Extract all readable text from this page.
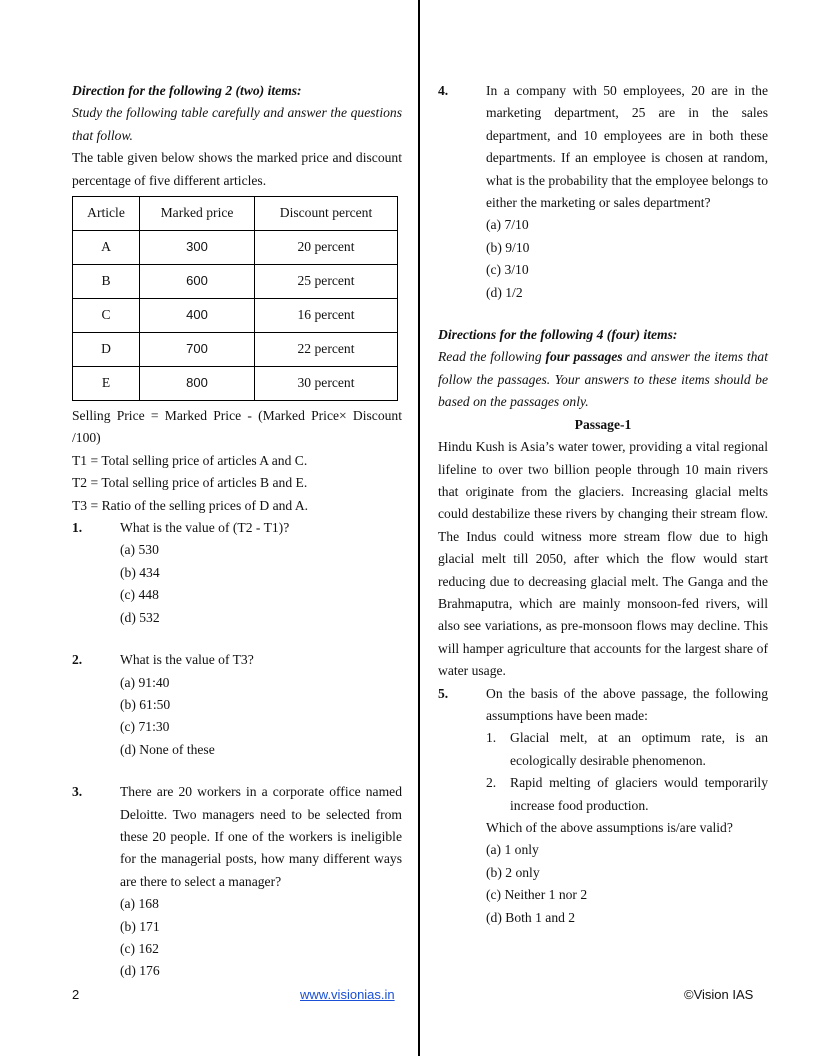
Direction for the following 2 (two) items:
Study the following table carefully and answer the questions that follow.
The table given below shows the marked price and discount percentage of five different articles.
Article	Marked price	Discount percent
A	300	20 percent
B	600	25 percent
C	400	16 percent
D	700	22 percent
E	800	30 percent
Selling Price = Marked Price - (Marked Price× Discount /100)
T1 = Total selling price of articles A and C.
T2 = Total selling price of articles B and E.
T3 = Ratio of the selling prices of D and A.
1.	What is the value of (T2 - T1)?
(a) 530
(b) 434
(c) 448
(d) 532
2.	What is the value of T3?
(a) 91:40
(b) 61:50
(c) 71:30
(d) None of these
3.	There are 20 workers in a corporate office named Deloitte. Two managers need to be selected from these 20 people. If one of the workers is ineligible for the managerial posts, how many different ways are there to select a manager?
(a) 168
(b) 171
(c) 162
(d) 176
4.	In a company with 50 employees, 20 are in the marketing department, 25 are in the sales department, and 10 employees are in both these departments. If an employee is chosen at random, what is the probability that the employee belongs to either the marketing or sales department?
(a) 7/10
(b) 9/10
(c) 3/10
(d) 1/2
Directions for the following 4 (four) items:
Read the following four passages and answer the items that follow the passages. Your answers to these items should be based on the passages only.
Passage-1
Hindu Kush is Asia’s water tower, providing a vital regional lifeline to over two billion people through 10 main rivers that originate from the glaciers. Increasing glacial melts could destabilize these rivers by changing their stream flow. The Indus could witness more stream flow due to high glacial melt till 2050, after which the flow would start reducing due to decreasing glacial melt. The Ganga and the Brahmaputra, which are mainly monsoon-fed rivers, will also see variations, as pre-monsoon flows may decline. This will hamper agriculture that accounts for the largest share of water usage.
5.	On the basis of the above passage, the following assumptions have been made:
1. Glacial melt, at an optimum rate, is an ecologically desirable phenomenon.
2. Rapid melting of glaciers would temporarily increase food production.
Which of the above assumptions is/are valid?
(a) 1 only
(b) 2 only
(c) Neither 1 nor 2
(d) Both 1 and 2
2	www.visionias.in	©Vision IAS
